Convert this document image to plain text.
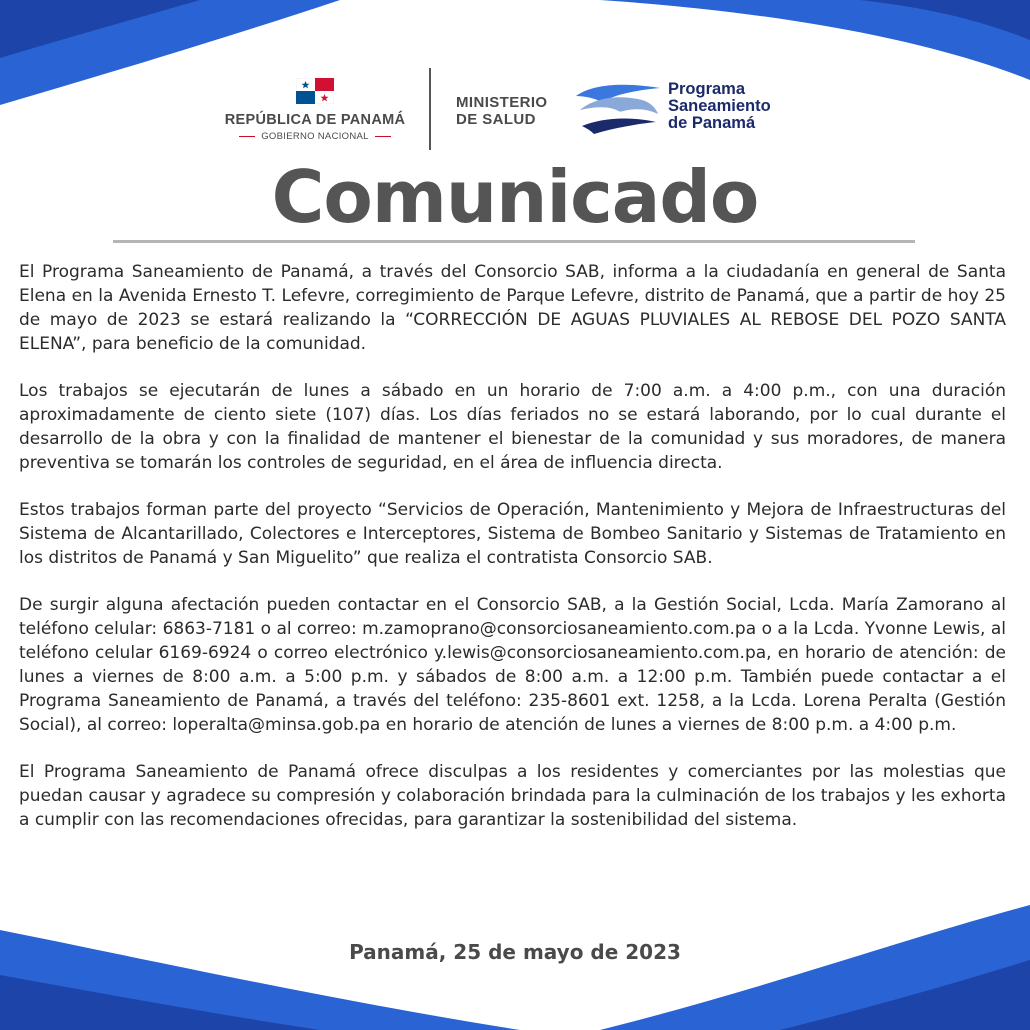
REPÚBLICA DE PANAMÁ
GOBIERNO NACIONAL
MINISTERIO
DE SALUD
Programa
Saneamiento
de Panamá
Comunicado

El Programa Saneamiento de Panamá, a través del Consorcio SAB, informa a la ciudadanía en general de Santa Elena en la Avenida Ernesto T. Lefevre, corregimiento de Parque Lefevre, distrito de Panamá, que a partir de hoy 25 de mayo de 2023 se estará realizando la “CORRECCIÓN DE AGUAS PLUVIALES AL REBOSE DEL POZO SANTA ELENA”, para beneficio de la comunidad.

Los trabajos se ejecutarán de lunes a sábado en un horario de 7:00 a.m. a 4:00 p.m., con una duración aproximadamente de ciento siete (107) días. Los días feriados no se estará laborando, por lo cual durante el desarrollo de la obra y con la finalidad de mantener el bienestar de la comunidad y sus moradores, de manera preventiva se tomarán los controles de seguridad, en el área de influencia directa.

Estos trabajos forman parte del proyecto “Servicios de Operación, Mantenimiento y Mejora de Infraestructuras del Sistema de Alcantarillado, Colectores e Interceptores, Sistema de Bombeo Sanitario y Sistemas de Tratamiento en los distritos de Panamá y San Miguelito” que realiza el contratista Consorcio SAB.

De surgir alguna afectación pueden contactar en el Consorcio SAB, a la Gestión Social, Lcda. María Zamorano al teléfono celular: 6863-7181 o al correo: m.zamoprano@consorciosaneamiento.com.pa o a la Lcda. Yvonne Lewis, al teléfono celular 6169-6924 o correo electrónico y.lewis@consorciosaneamiento.com.pa, en horario de atención: de lunes a viernes de 8:00 a.m. a 5:00 p.m. y sábados de 8:00 a.m. a 12:00 p.m. También puede contactar a el Programa Saneamiento de Panamá, a través del teléfono: 235-8601 ext. 1258, a la Lcda. Lorena Peralta (Gestión Social), al correo: loperalta@minsa.gob.pa en horario de atención de lunes a viernes de 8:00 p.m. a 4:00 p.m.

El Programa Saneamiento de Panamá ofrece disculpas a los residentes y comerciantes por las molestias que puedan causar y agradece su compresión y colaboración brindada para la culminación de los trabajos y les exhorta a cumplir con las recomendaciones ofrecidas, para garantizar la sostenibilidad del sistema.

Panamá, 25 de mayo de 2023
